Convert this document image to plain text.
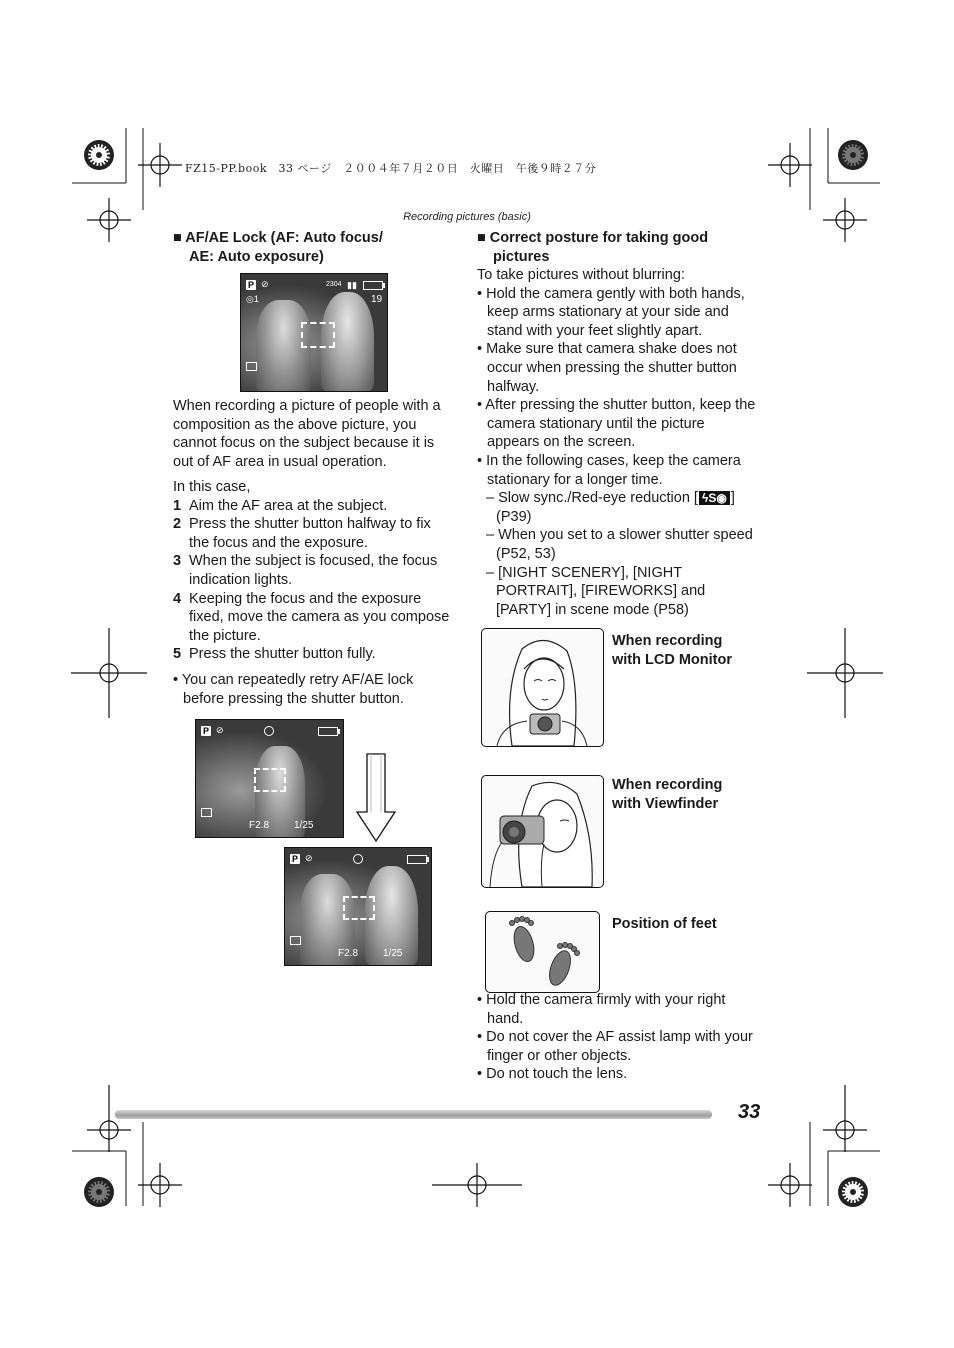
FZ15-PP.book　33 ページ　２００４年７月２０日　火曜日　午後９時２７分
Recording pictures (basic)
■ AF/AE Lock (AF: Auto focus/
AE: Auto exposure)
P ⊘	2304 ▮▮
◎1	19
When recording a picture of people with a
composition as the above picture, you
cannot focus on the subject because it is
out of AF area in usual operation.
In this case,
1 Aim the AF area at the subject.
2 Press the shutter button halfway to fix
the focus and the exposure.
3 When the subject is focused, the focus
indication lights.
4 Keeping the focus and the exposure
fixed, move the camera as you compose
the picture.
5 Press the shutter button fully.
• You can repeatedly retry AF/AE lock
before pressing the shutter button.
P ⊘
F2.8 1/25
P ⊘
F2.8 1/25
■ Correct posture for taking good
pictures
To take pictures without blurring:
• Hold the camera gently with both hands,
keep arms stationary at your side and
stand with your feet slightly apart.
• Make sure that camera shake does not
occur when pressing the shutter button
halfway.
• After pressing the shutter button, keep the
camera stationary until the picture
appears on the screen.
• In the following cases, keep the camera
stationary for a longer time.
– Slow sync./Red-eye reduction [ ϟS◉ ]
(P39)
– When you set to a slower shutter speed
(P52, 53)
– [NIGHT SCENERY], [NIGHT
PORTRAIT], [FIREWORKS] and
[PARTY] in scene mode (P58)
When recording
with LCD Monitor
When recording
with Viewfinder
Position of feet
• Hold the camera firmly with your right
hand.
• Do not cover the AF assist lamp with your
finger or other objects.
• Do not touch the lens.
33
